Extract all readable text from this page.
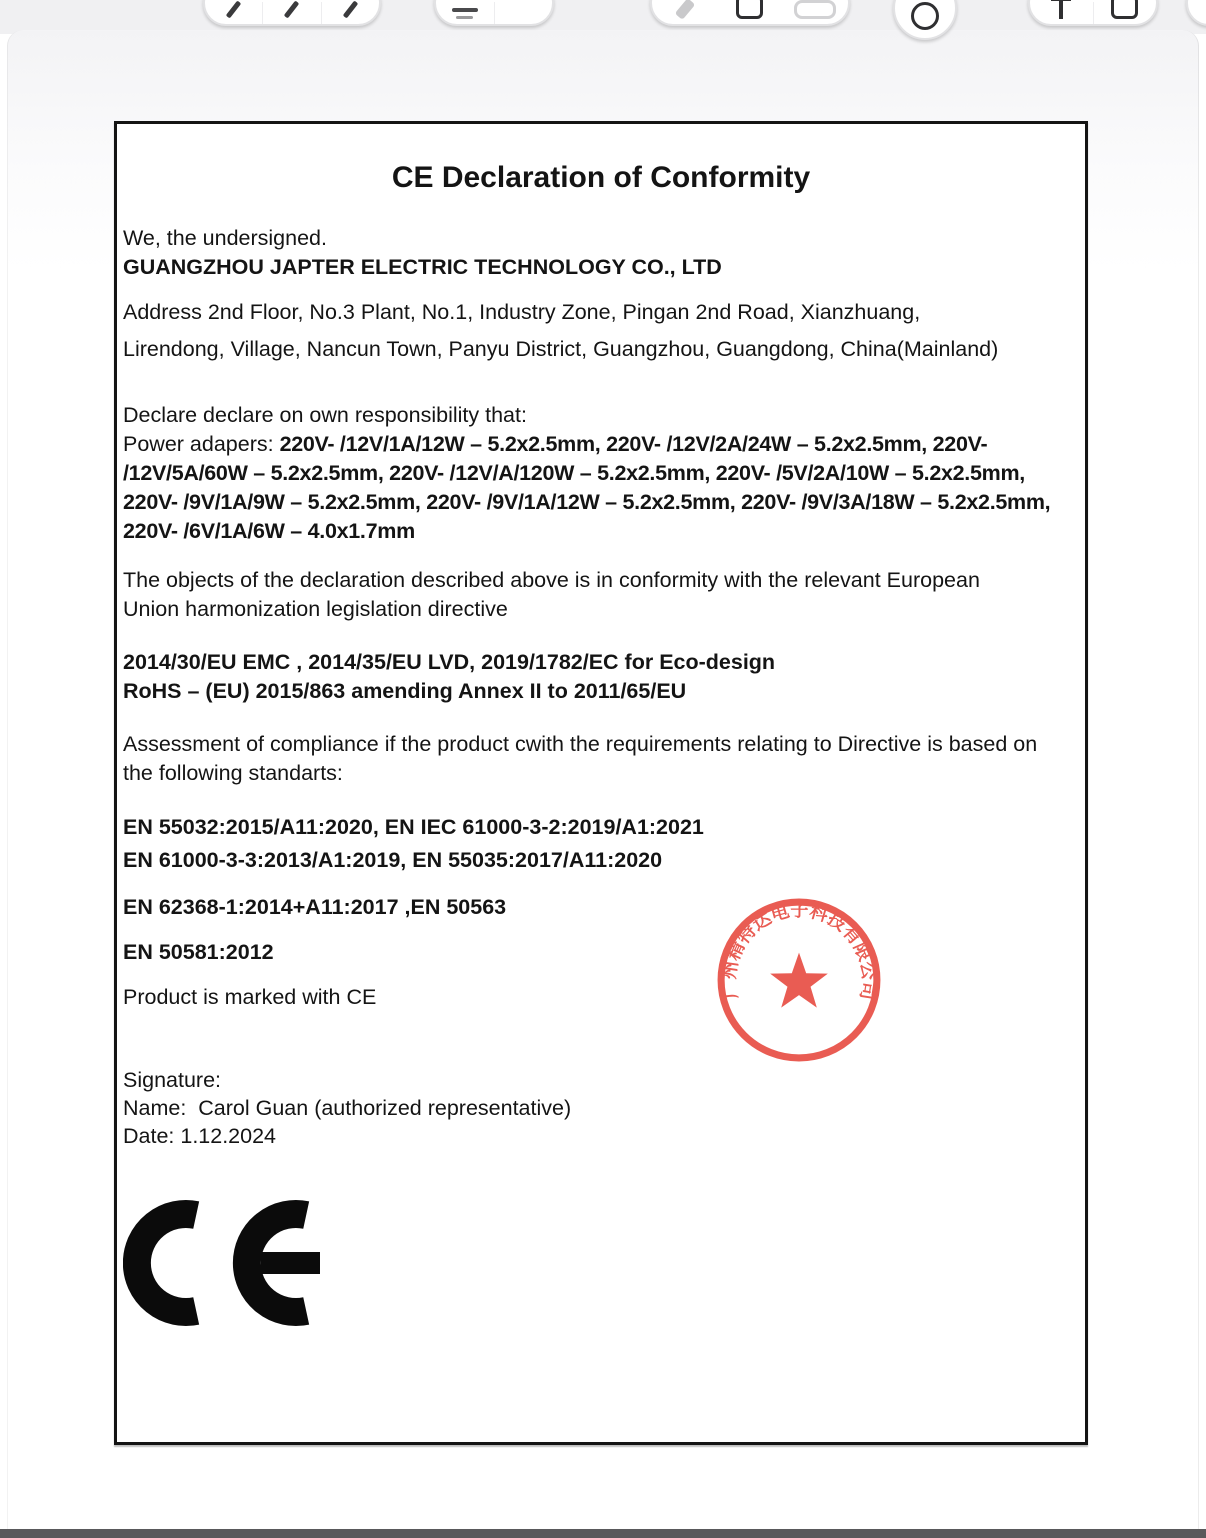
CE Declaration of Conformity
We, the undersigned.
GUANGZHOU JAPTER ELECTRIC TECHNOLOGY CO., LTD
Address 2nd Floor, No.3 Plant, No.1, Industry Zone, Pingan 2nd Road, Xianzhuang,
Lirendong, Village, Nancun Town, Panyu District, Guangzhou, Guangdong, China(Mainland)
Declare declare on own responsibility that:
Power adapers: 220V- /12V/1A/12W – 5.2x2.5mm, 220V- /12V/2A/24W – 5.2x2.5mm, 220V- /12V/5A/60W – 5.2x2.5mm, 220V- /12V/A/120W – 5.2x2.5mm, 220V- /5V/2A/10W – 5.2x2.5mm, 220V- /9V/1A/9W – 5.2x2.5mm, 220V- /9V/1A/12W – 5.2x2.5mm, 220V- /9V/3A/18W – 5.2x2.5mm, 220V- /6V/1A/6W – 4.0x1.7mm
The objects of the declaration described above is in conformity with the relevant European Union harmonization legislation directive
2014/30/EU EMC , 2014/35/EU LVD, 2019/1782/EC for Eco-design
RoHS – (EU) 2015/863 amending Annex II to 2011/65/EU
Assessment of compliance if the product cwith the requirements relating to Directive is based on the following standarts:
EN 55032:2015/A11:2020, EN IEC 61000-3-2:2019/A1:2021
EN 61000-3-3:2013/A1:2019, EN 55035:2017/A11:2020
EN 62368-1:2014+A11:2017 ,EN 50563
EN 50581:2012
Product is marked with CE
Signature:
Name:  Carol Guan (authorized representative)
Date: 1.12.2024
广州精特达电子科技有限公司
